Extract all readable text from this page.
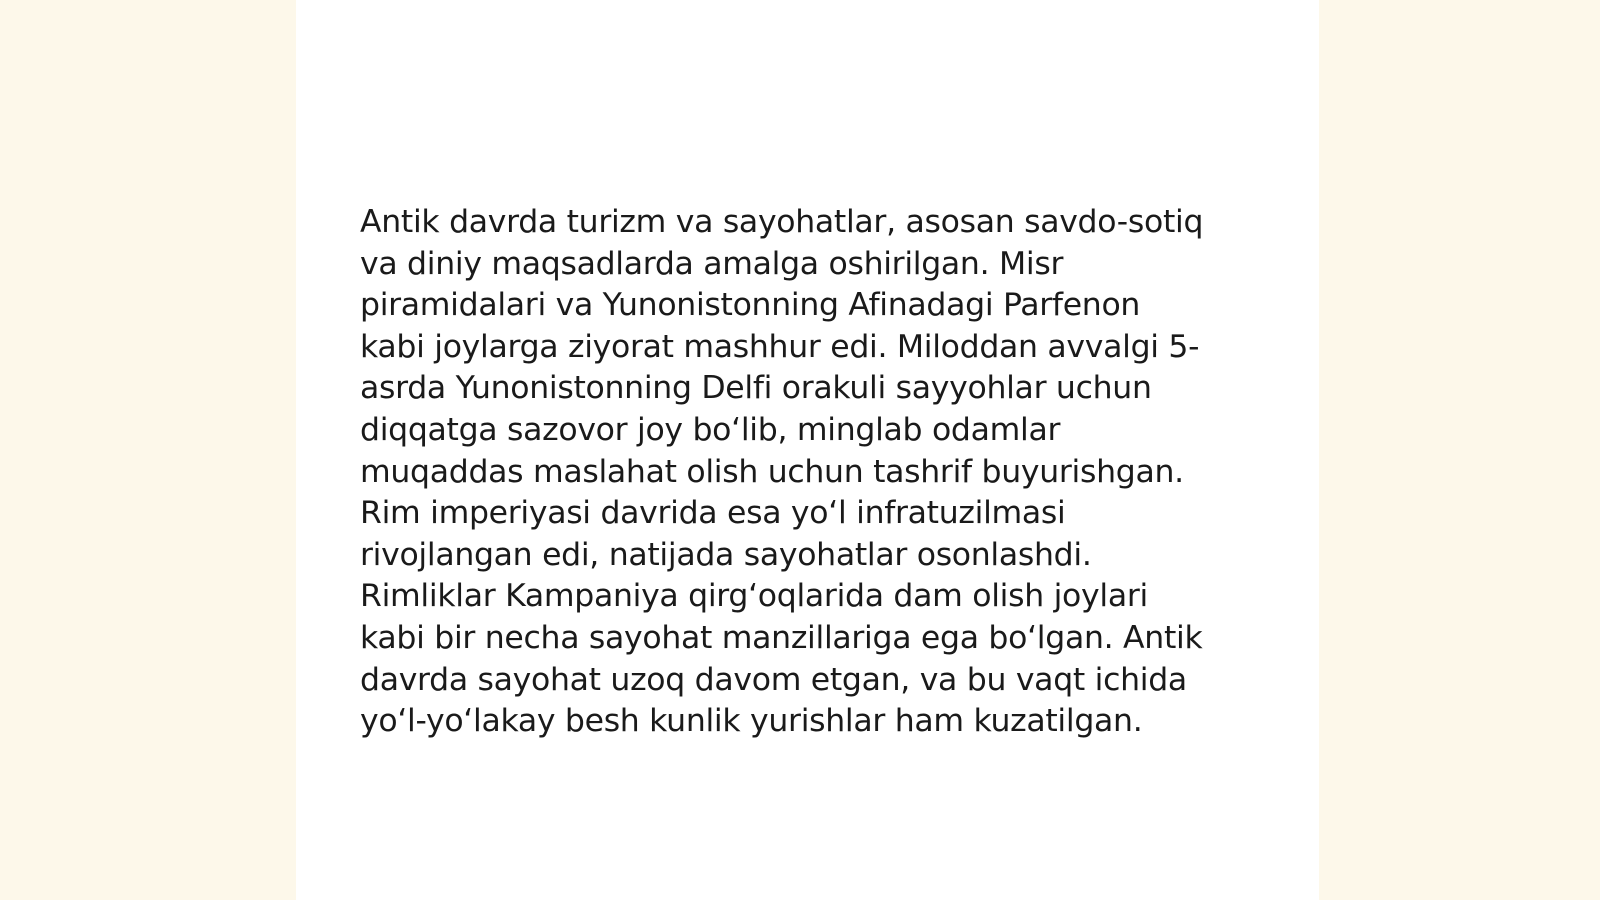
Antik davrda turizm va sayohatlar, asosan savdo-sotiq
va diniy maqsadlarda amalga oshirilgan. Misr
piramidalari va Yunonistonning Afinadagi Parfenon
kabi joylarga ziyorat mashhur edi. Miloddan avvalgi 5-
asrda Yunonistonning Delfi orakuli sayyohlar uchun
diqqatga sazovor joy bo‘lib, minglab odamlar
muqaddas maslahat olish uchun tashrif buyurishgan.
Rim imperiyasi davrida esa yo‘l infratuzilmasi
rivojlangan edi, natijada sayohatlar osonlashdi.
Rimliklar Kampaniya qirg‘oqlarida dam olish joylari
kabi bir necha sayohat manzillariga ega bo‘lgan. Antik
davrda sayohat uzoq davom etgan, va bu vaqt ichida
yo‘l-yo‘lakay besh kunlik yurishlar ham kuzatilgan.
